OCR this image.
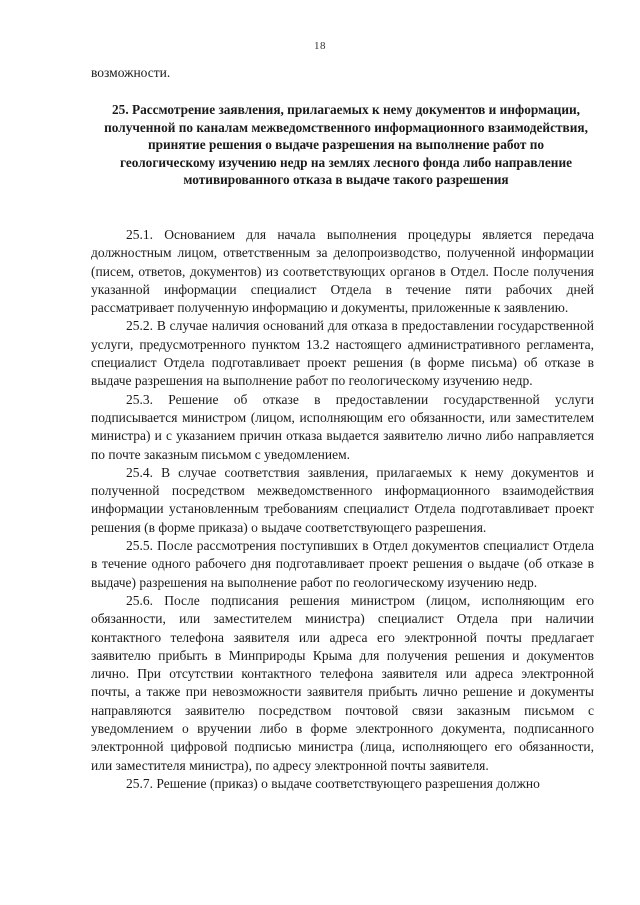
18
возможности.
25. Рассмотрение заявления, прилагаемых к нему документов и информации, полученной по каналам межведомственного информационного взаимодействия, принятие решения о выдаче разрешения на выполнение работ по геологическому изучению недр на землях лесного фонда либо направление мотивированного отказа в выдаче такого разрешения

25.1. Основанием для начала выполнения процедуры является передача должностным лицом, ответственным за делопроизводство, полученной информации (писем, ответов, документов) из соответствующих органов в Отдел. После получения указанной информации специалист Отдела в течение пяти рабочих дней рассматривает полученную информацию и документы, приложенные к заявлению.

25.2. В случае наличия оснований для отказа в предоставлении государственной услуги, предусмотренного пунктом 13.2 настоящего административного регламента, специалист Отдела подготавливает проект решения (в форме письма) об отказе в выдаче разрешения на выполнение работ по геологическому изучению недр.

25.3. Решение об отказе в предоставлении государственной услуги подписывается министром (лицом, исполняющим его обязанности, или заместителем министра) и с указанием причин отказа выдается заявителю лично либо направляется по почте заказным письмом с уведомлением.

25.4. В случае соответствия заявления, прилагаемых к нему документов и полученной посредством межведомственного информационного взаимодействия информации установленным требованиям специалист Отдела подготавливает проект решения (в форме приказа) о выдаче соответствующего разрешения.

25.5. После рассмотрения поступивших в Отдел документов специалист Отдела в течение одного рабочего дня подготавливает проект решения о выдаче (об отказе в выдаче) разрешения на выполнение работ по геологическому изучению недр.

25.6. После подписания решения министром (лицом, исполняющим его обязанности, или заместителем министра) специалист Отдела при наличии контактного телефона заявителя или адреса его электронной почты предлагает заявителю прибыть в Минприроды Крыма для получения решения и документов лично. При отсутствии контактного телефона заявителя или адреса электронной почты, а также при невозможности заявителя прибыть лично решение и документы направляются заявителю посредством почтовой связи заказным письмом с уведомлением о вручении либо в форме электронного документа, подписанного электронной цифровой подписью министра (лица, исполняющего его обязанности, или заместителя министра), по адресу электронной почты заявителя.

25.7. Решение (приказ) о выдаче соответствующего разрешения должно
